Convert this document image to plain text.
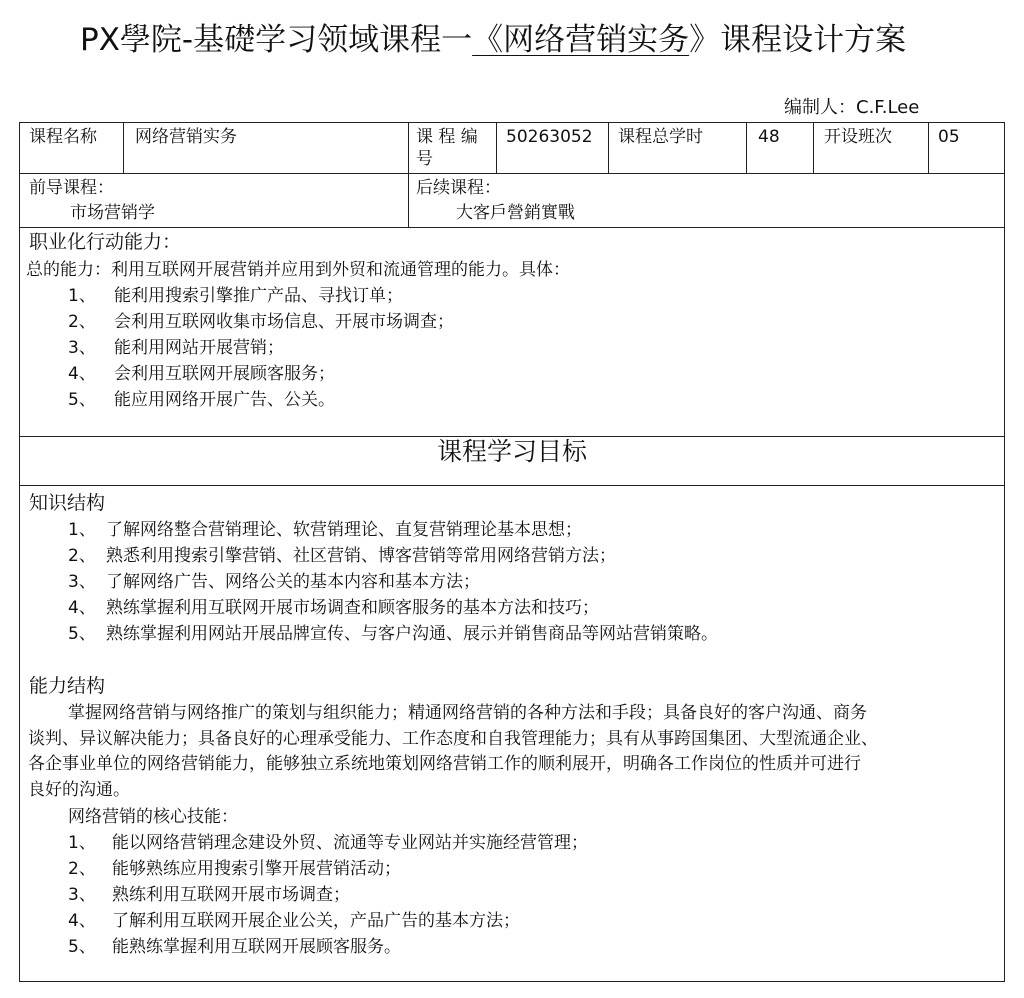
PX學院-基礎学习领域课程一《网络营销实务》课程设计方案
编制人：C.F.Lee
课程名称 网络营销实务	课 程 编
号
50263052 课程总学时	48	开设班次	05
前导课程：
市场营销学
后续课程：
大客戶營銷實戰
职业化行动能力：
总的能力：利用互联网开展营销并应用到外贸和流通管理的能力。具体：
1、 能利用搜索引擎推广产品、寻找订单；
2、 会利用互联网收集市场信息、开展市场调查；
3、 能利用网站开展营销；
4、 会利用互联网开展顾客服务；
5、 能应用网络开展广告、公关。
课程学习目标
知识结构
1、 了解网络整合营销理论、软营销理论、直复营销理论基本思想；
2、 熟悉利用搜索引擎营销、社区营销、博客营销等常用网络营销方法；
3、 了解网络广告、网络公关的基本内容和基本方法；
4、 熟练掌握利用互联网开展市场调查和顾客服务的基本方法和技巧；
5、 熟练掌握利用网站开展品牌宣传、与客户沟通、展示并销售商品等网站营销策略。
能力结构
掌握网络营销与网络推广的策划与组织能力；精通网络营销的各种方法和手段；具备良好的客户沟通、商务
谈判、异议解决能力；具备良好的心理承受能力、工作态度和自我管理能力；具有从事跨国集团、大型流通企业、
各企事业单位的网络营销能力，能够独立系统地策划网络营销工作的顺利展开，明确各工作岗位的性质并可进行
良好的沟通。
网络营销的核心技能：
1、 能以网络营销理念建设外贸、流通等专业网站并实施经营管理；
2、 能够熟练应用搜索引擎开展营销活动；
3、 熟练利用互联网开展市场调查；
4、 了解利用互联网开展企业公关，产品广告的基本方法；
5、 能熟练掌握利用互联网开展顾客服务。
